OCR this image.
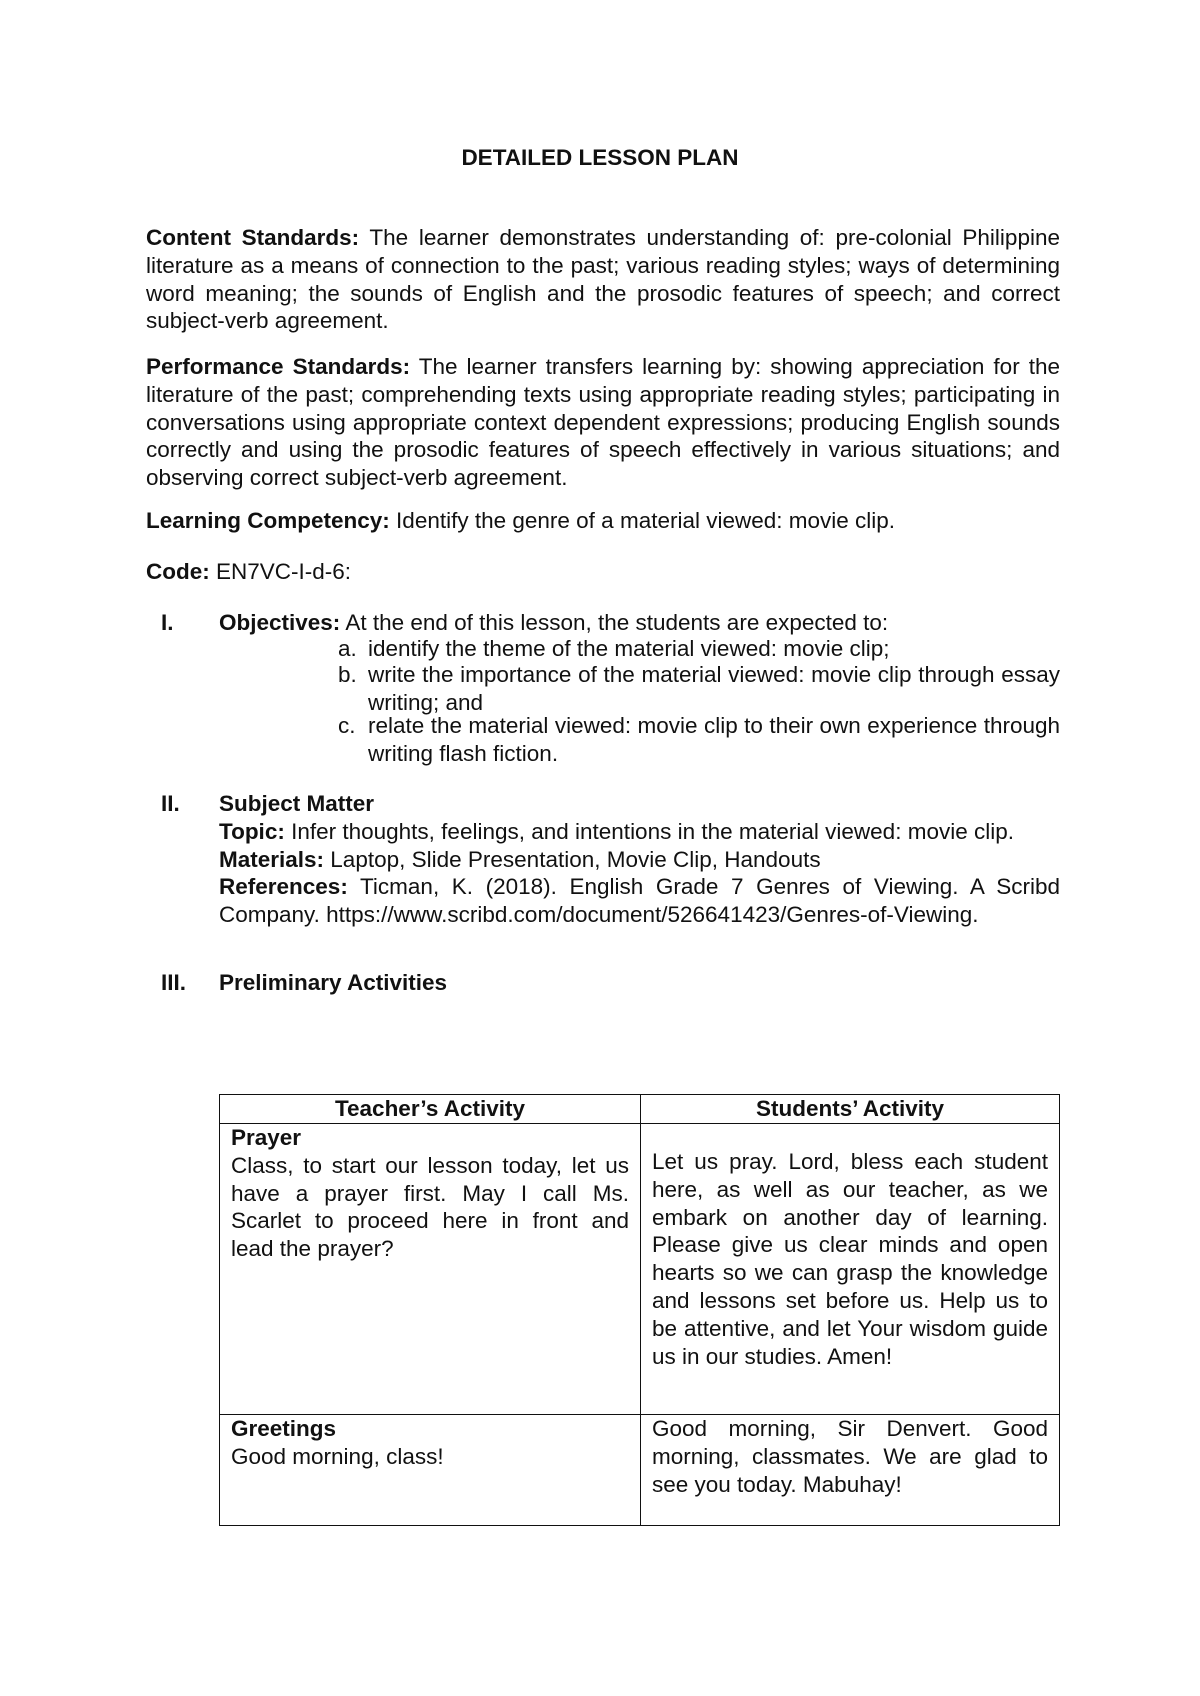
DETAILED LESSON PLAN
Content Standards: The learner demonstrates understanding of: pre-colonial Philippine literature as a means of connection to the past; various reading styles; ways of determining word meaning; the sounds of English and the prosodic features of speech; and correct subject-verb agreement.
Performance Standards: The learner transfers learning by: showing appreciation for the literature of the past; comprehending texts using appropriate reading styles; participating in conversations using appropriate context dependent expressions; producing English sounds correctly and using the prosodic features of speech effectively in various situations; and observing correct subject-verb agreement.
Learning Competency: Identify the genre of a material viewed: movie clip.
Code: EN7VC-I-d-6:
I.	Objectives: At the end of this lesson, the students are expected to:
a. identify the theme of the material viewed: movie clip;
b. write the importance of the material viewed: movie clip through essay writing; and
c. relate the material viewed: movie clip to their own experience through writing flash fiction.
II.	Subject Matter
Topic: Infer thoughts, feelings, and intentions in the material viewed: movie clip.
Materials: Laptop, Slide Presentation, Movie Clip, Handouts
References: Ticman, K. (2018). English Grade 7 Genres of Viewing. A Scribd Company. https://www.scribd.com/document/526641423/Genres-of-Viewing.
III.	Preliminary Activities
Teacher’s Activity	Students’ Activity

Prayer
Class, to start our lesson today, let us have a prayer first. May I call Ms. Scarlet to proceed here in front and lead the prayer?	Let us pray. Lord, bless each student here, as well as our teacher, as we embark on another day of learning. Please give us clear minds and open hearts so we can grasp the knowledge and lessons set before us. Help us to be attentive, and let Your wisdom guide us in our studies. Amen!

Greetings
Good morning, class!	Good morning, Sir Denvert. Good morning, classmates. We are glad to see you today. Mabuhay!
